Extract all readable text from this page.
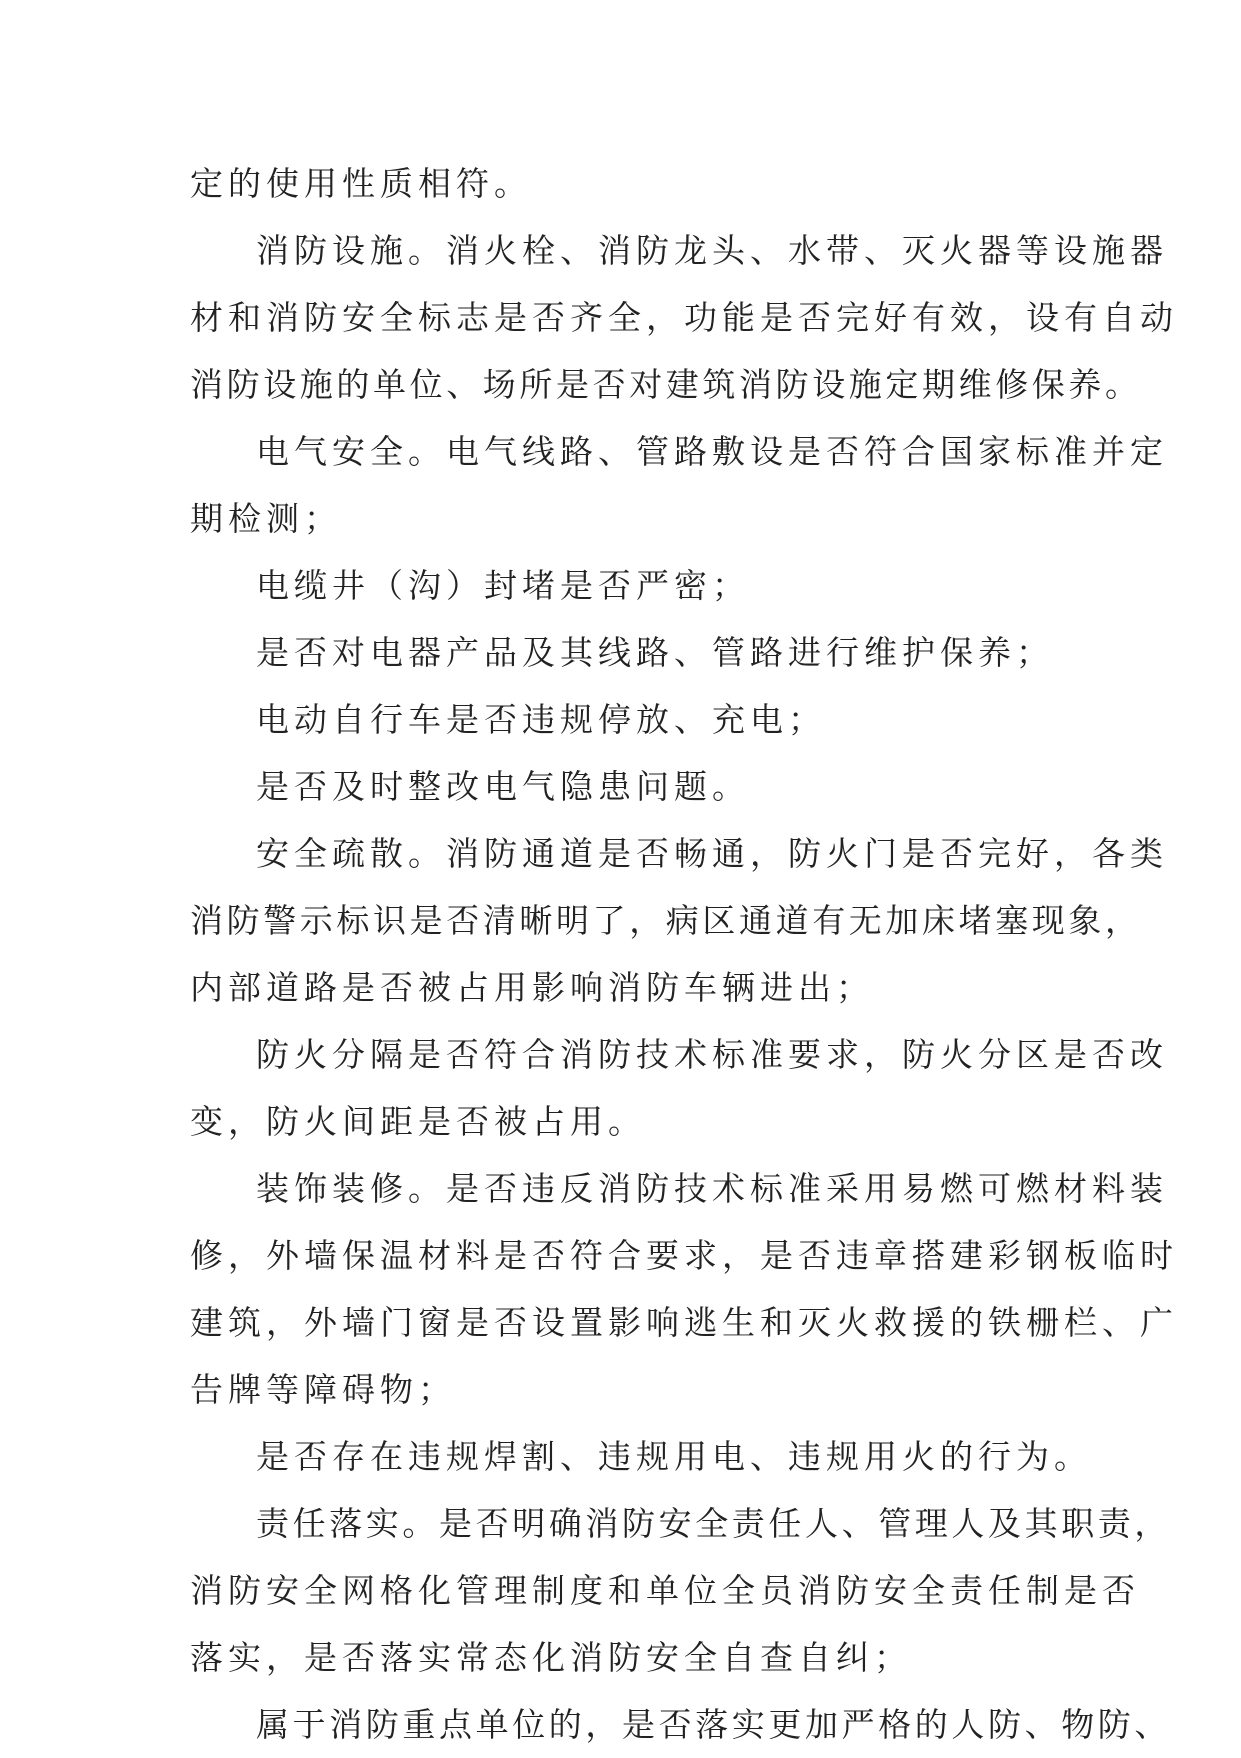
定的使用性质相符。
消防设施。消火栓、消防龙头、水带、灭火器等设施器
材和消防安全标志是否齐全，功能是否完好有效，设有自动
消防设施的单位、场所是否对建筑消防设施定期维修保养。
电气安全。电气线路、管路敷设是否符合国家标准并定
期检测；
电缆井（沟）封堵是否严密；
是否对电器产品及其线路、管路进行维护保养；
电动自行车是否违规停放、充电；
是否及时整改电气隐患问题。
安全疏散。消防通道是否畅通，防火门是否完好，各类
消防警示标识是否清晰明了，病区通道有无加床堵塞现象，
内部道路是否被占用影响消防车辆进出；
防火分隔是否符合消防技术标准要求，防火分区是否改
变，防火间距是否被占用。
装饰装修。是否违反消防技术标准采用易燃可燃材料装
修，外墙保温材料是否符合要求，是否违章搭建彩钢板临时
建筑，外墙门窗是否设置影响逃生和灭火救援的铁栅栏、广
告牌等障碍物；
是否存在违规焊割、违规用电、违规用火的行为。
责任落实。是否明确消防安全责任人、管理人及其职责，
消防安全网格化管理制度和单位全员消防安全责任制是否
落实，是否落实常态化消防安全自查自纠；
属于消防重点单位的，是否落实更加严格的人防、物防、
